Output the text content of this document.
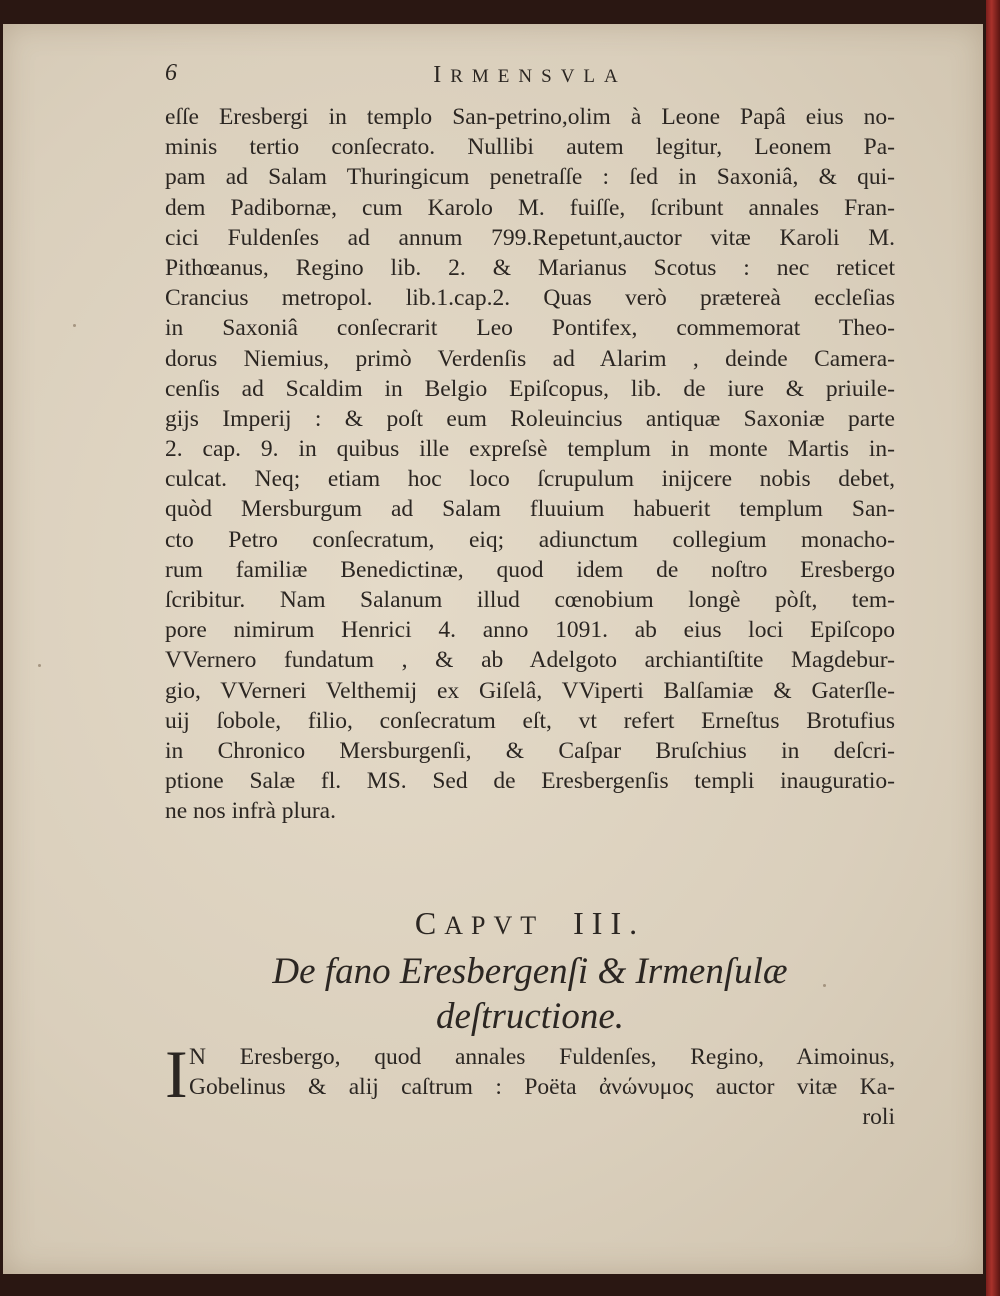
6	IRMENSVLA
eſſe Eresbergi in templo San-petrino,olim à Leone Papâ eius no-
minis tertio conſecrato. Nullibi autem legitur, Leonem Pa-
pam ad Salam Thuringicum penetraſſe : ſed in Saxoniâ, & qui-
dem Padibornæ, cum Karolo M. fuiſſe, ſcribunt annales Fran-
cici Fuldenſes ad annum 799.Repetunt,auctor vitæ Karoli M.
Pithœanus, Regino lib. 2. & Marianus Scotus : nec reticet
Crancius metropol. lib.1.cap.2. Quas verò prætereà eccleſias
in Saxoniâ conſecrarit Leo Pontifex, commemorat Theo-
dorus Niemius, primò Verdenſis ad Alarim , deinde Camera-
cenſis ad Scaldim in Belgio Epiſcopus, lib. de iure & priuile-
gijs Imperij : & poſt eum Roleuincius antiquæ Saxoniæ parte
2. cap. 9. in quibus ille expreſsè templum in monte Martis in-
culcat. Neq; etiam hoc loco ſcrupulum inijcere nobis debet,
quòd Mersburgum ad Salam fluuium habuerit templum San-
cto Petro conſecratum, eiq; adiunctum collegium monacho-
rum familiæ Benedictinæ, quod idem de noſtro Eresbergo
ſcribitur. Nam Salanum illud cœnobium longè pòſt, tem-
pore nimirum Henrici 4. anno 1091. ab eius loci Epiſcopo
VVernero fundatum , & ab Adelgoto archiantiſtite Magdebur-
gio, VVerneri Velthemij ex Giſelâ, VViperti Balſamiæ & Gaterſle-
uij ſobole, filio, conſecratum eſt, vt refert Erneſtus Brotufius
in Chronico Mersburgenſi, & Caſpar Bruſchius in deſcri-
ptione Salæ fl. MS. Sed de Eresbergenſis templi inauguratio-
ne nos infrà plura.
CAPVT III.
De fano Eresbergenſi & Irmenſulæ
deſtructione.
I N Eresbergo, quod annales Fuldenſes, Regino, Aimoinus,
Gobelinus & alij caſtrum : Poëta ἀνώνυμος auctor vitæ Ka-
roli
